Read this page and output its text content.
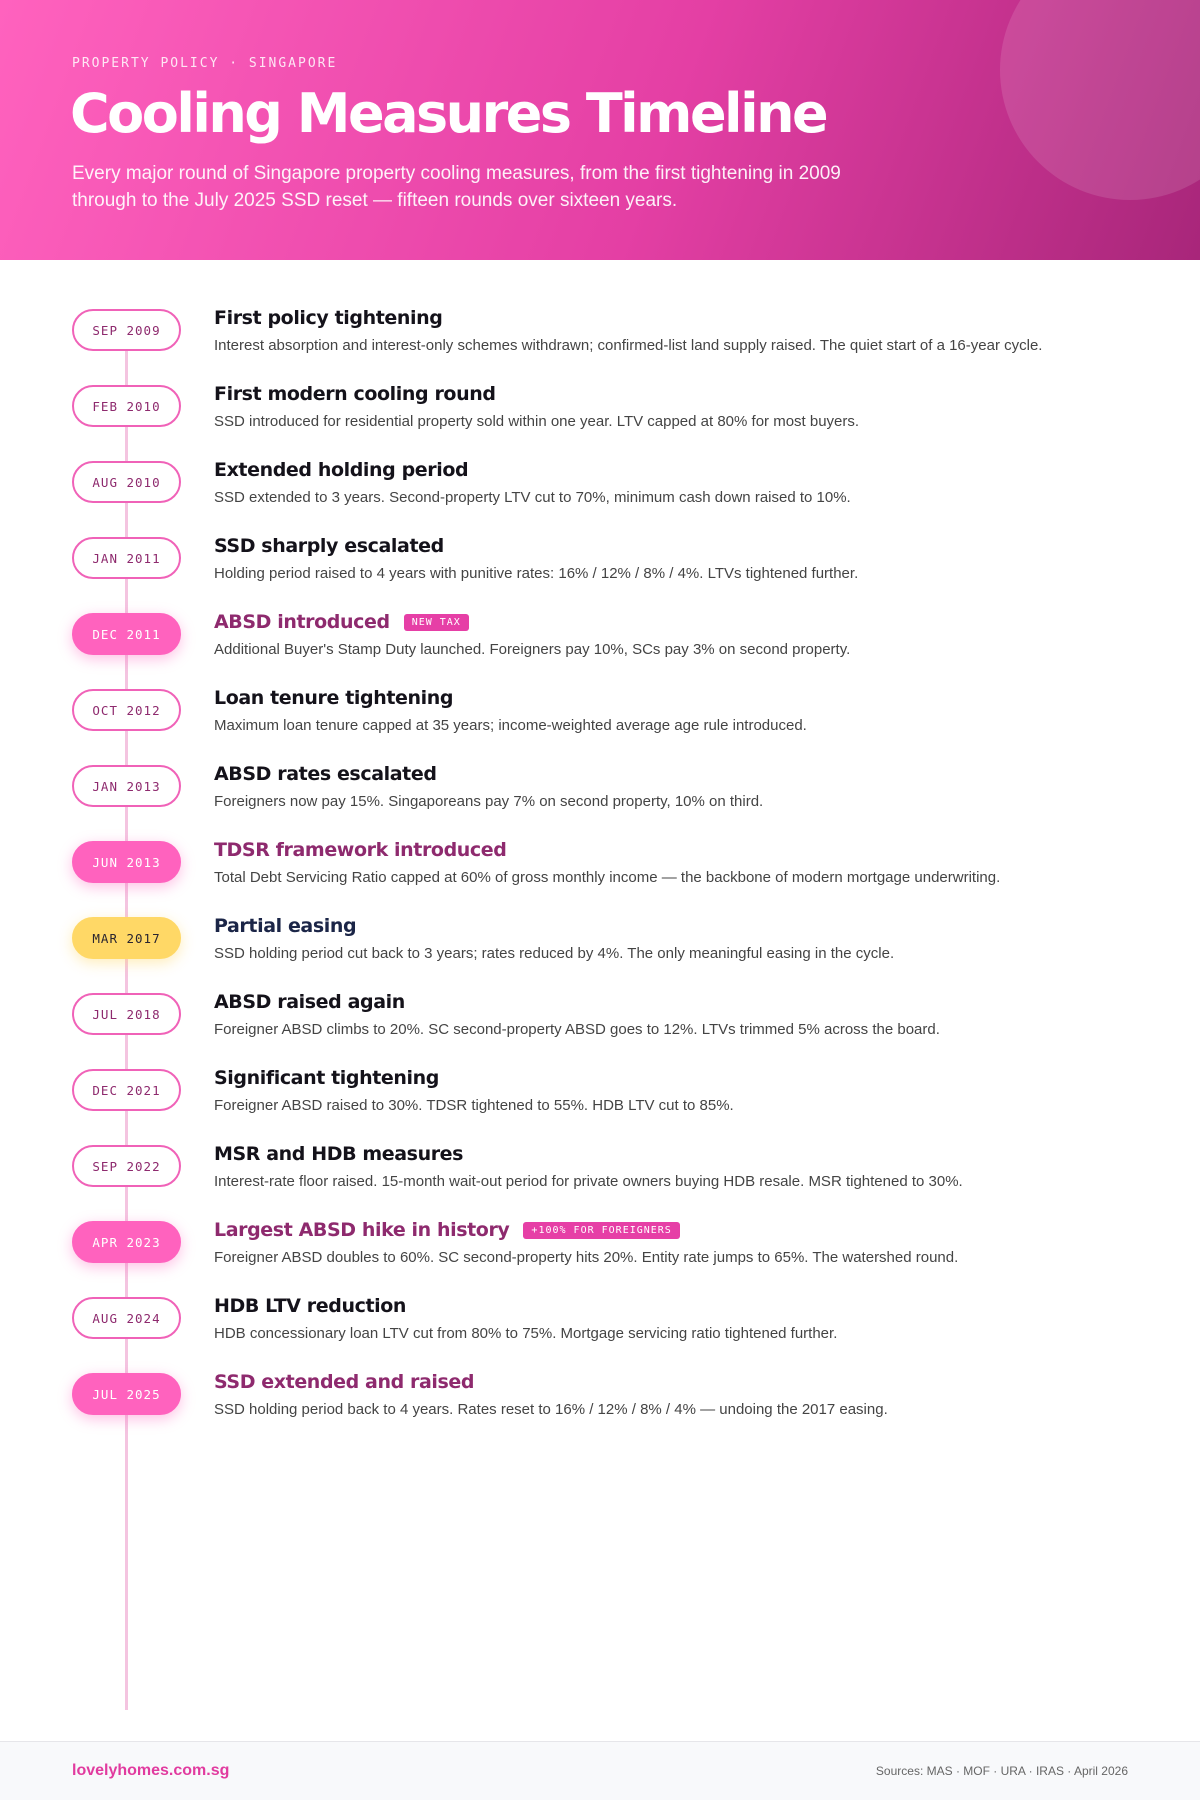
PROPERTY POLICY · SINGAPORE
Cooling Measures Timeline

Every major round of Singapore property cooling measures, from the first tightening in 2009 through to the July 2025 SSD reset — fifteen rounds over sixteen years.

SEP 2009
First policy tightening
Interest absorption and interest-only schemes withdrawn; confirmed-list land supply raised. The quiet start of a 16-year cycle.
FEB 2010
First modern cooling round
SSD introduced for residential property sold within one year. LTV capped at 80% for most buyers.
AUG 2010
Extended holding period
SSD extended to 3 years. Second-property LTV cut to 70%, minimum cash down raised to 10%.
JAN 2011
SSD sharply escalated
Holding period raised to 4 years with punitive rates: 16% / 12% / 8% / 4%. LTVs tightened further.
DEC 2011
ABSD introduced	NEW TAX
Additional Buyer's Stamp Duty launched. Foreigners pay 10%, SCs pay 3% on second property.
OCT 2012
Loan tenure tightening
Maximum loan tenure capped at 35 years; income-weighted average age rule introduced.
JAN 2013
ABSD rates escalated
Foreigners now pay 15%. Singaporeans pay 7% on second property, 10% on third.
JUN 2013
TDSR framework introduced
Total Debt Servicing Ratio capped at 60% of gross monthly income — the backbone of modern mortgage underwriting.
MAR 2017
Partial easing
SSD holding period cut back to 3 years; rates reduced by 4%. The only meaningful easing in the cycle.
JUL 2018
ABSD raised again
Foreigner ABSD climbs to 20%. SC second-property ABSD goes to 12%. LTVs trimmed 5% across the board.
DEC 2021
Significant tightening
Foreigner ABSD raised to 30%. TDSR tightened to 55%. HDB LTV cut to 85%.
SEP 2022
MSR and HDB measures
Interest-rate floor raised. 15-month wait-out period for private owners buying HDB resale. MSR tightened to 30%.
APR 2023
Largest ABSD hike in history	+100% FOR FOREIGNERS
Foreigner ABSD doubles to 60%. SC second-property hits 20%. Entity rate jumps to 65%. The watershed round.
AUG 2024
HDB LTV reduction
HDB concessionary loan LTV cut from 80% to 75%. Mortgage servicing ratio tightened further.
JUL 2025
SSD extended and raised
SSD holding period back to 4 years. Rates reset to 16% / 12% / 8% / 4% — undoing the 2017 easing.
lovelyhomes.com.sg	Sources: MAS · MOF · URA · IRAS · April 2026
